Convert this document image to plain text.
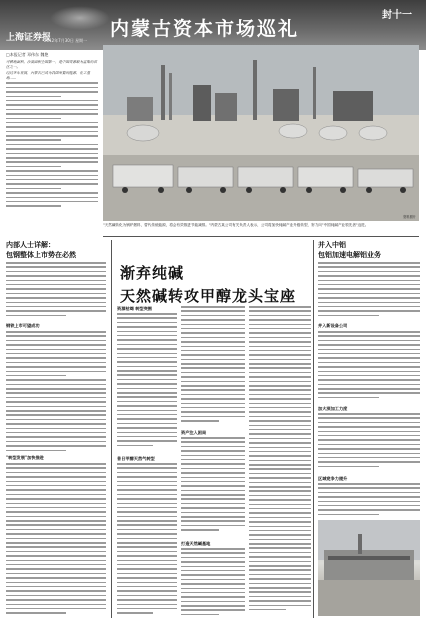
上海证券报
2012年7月30日 星期一
内蒙古资本市场巡礼
封十一
□本报记者 邓伟东 魏艳

可耕地面积、沙漠面积全国第一，是中国资源最为富集的省区之一。

经过多年发展，内蒙古已成为我国重要的能源、化工基地……

资料照片
"天然碱转化为锅炉燃料，替代传统能源，将会有效推进节能减排。"内蒙古某公司有关负责人表示，公司将加快纯碱产业升级转型，努力向"中国纯碱产业领先者"迈进。
内部人士详解：
包钢整体上市势在必然
钢铁上市可望成功
"转型发展"加快推进
渐弃纯碱
天然碱转攻甲醇龙头宝座
资源枯竭 转型突围
昔日甲醇天然气转型
资产注入困局
打造天然碱基地
并入中铝
包铝加速电解铝业务
并入新设备公司
加大深加工力度
区域竞争力提升
